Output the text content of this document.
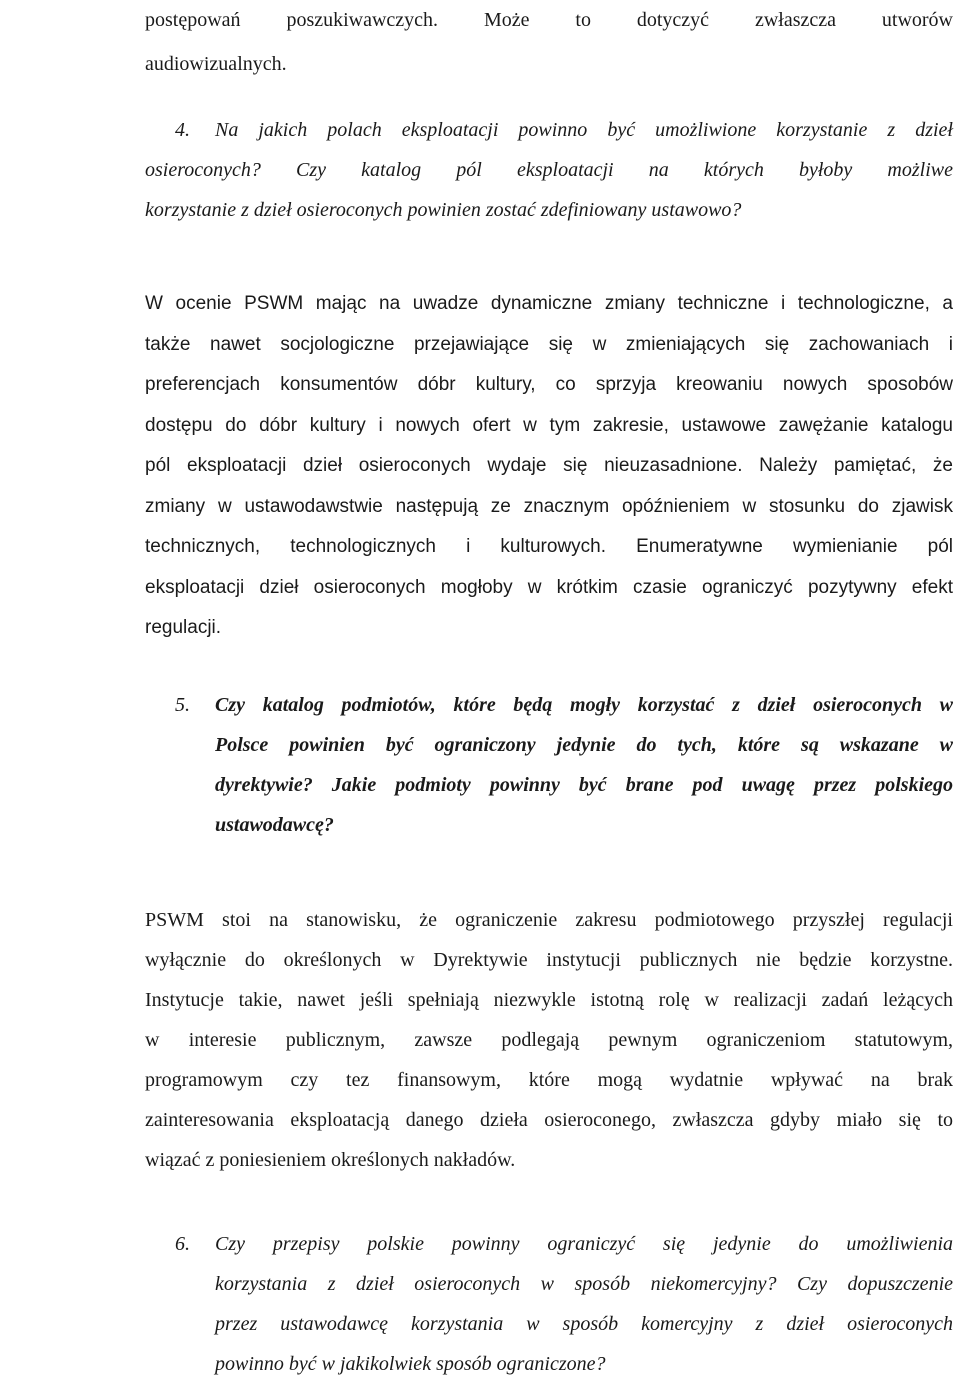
postępowań poszukiwawczych. Może to dotyczyć zwłaszcza utworów
audiowizualnych.
4. Na jakich polach eksploatacji powinno być umożliwione korzystanie z dzieł
osieroconych? Czy katalog pól eksploatacji na których byłoby możliwe
korzystanie z dzieł osieroconych powinien zostać zdefiniowany ustawowo?
W ocenie PSWM mając na uwadze dynamiczne zmiany techniczne i technologiczne, a
także nawet socjologiczne przejawiające się w zmieniających się zachowaniach i
preferencjach konsumentów dóbr kultury, co sprzyja kreowaniu nowych sposobów
dostępu do dóbr kultury i nowych ofert w tym zakresie, ustawowe zawężanie katalogu
pól eksploatacji dzieł osieroconych wydaje się nieuzasadnione. Należy pamiętać, że
zmiany w ustawodawstwie następują ze znacznym opóźnieniem w stosunku do zjawisk
technicznych, technologicznych i kulturowych. Enumeratywne wymienianie pól
eksploatacji dzieł osieroconych mogłoby w krótkim czasie ograniczyć pozytywny efekt
regulacji.
5. Czy katalog podmiotów, które będą mogły korzystać z dzieł osieroconych w
Polsce powinien być ograniczony jedynie do tych, które są wskazane w
dyrektywie? Jakie podmioty powinny być brane pod uwagę przez polskiego
ustawodawcę?
PSWM stoi na stanowisku, że ograniczenie zakresu podmiotowego przyszłej regulacji
wyłącznie do określonych w Dyrektywie instytucji publicznych nie będzie korzystne.
Instytucje takie, nawet jeśli spełniają niezwykle istotną rolę w realizacji zadań leżących
w interesie publicznym, zawsze podlegają pewnym ograniczeniom statutowym,
programowym czy tez finansowym, które mogą wydatnie wpływać na brak
zainteresowania eksploatacją danego dzieła osieroconego, zwłaszcza gdyby miało się to
wiązać z poniesieniem określonych nakładów.
6. Czy przepisy polskie powinny ograniczyć się jedynie do umożliwienia
korzystania z dzieł osieroconych w sposób niekomercyjny? Czy dopuszczenie
przez ustawodawcę korzystania w sposób komercyjny z dzieł osieroconych
powinno być w jakikolwiek sposób ograniczone?
